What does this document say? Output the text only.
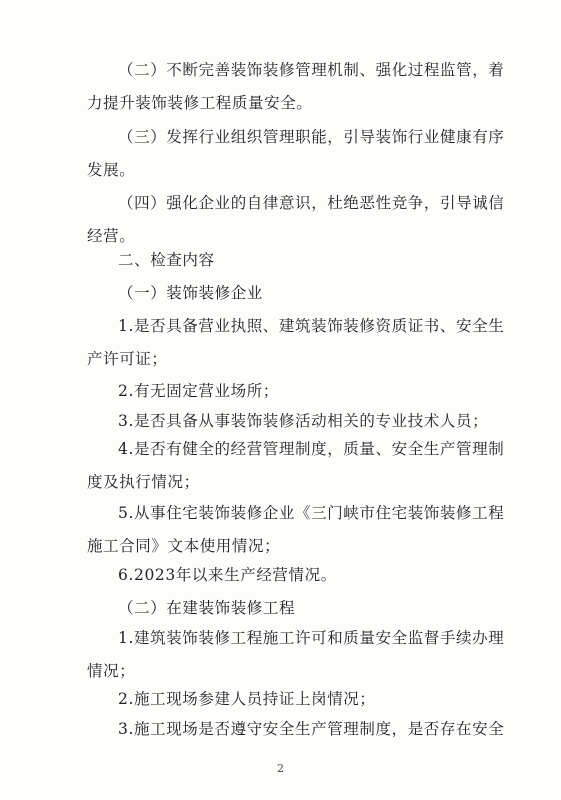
（二）不断完善装饰装修管理机制、强化过程监管，着力提升装饰装修工程质量安全。
（三）发挥行业组织管理职能，引导装饰行业健康有序发展。
（四）强化企业的自律意识，杜绝恶性竞争，引导诚信经营。
二、检查内容
（一）装饰装修企业
1.是否具备营业执照、建筑装饰装修资质证书、安全生产许可证；
2.有无固定营业场所；
3.是否具备从事装饰装修活动相关的专业技术人员；
4.是否有健全的经营管理制度，质量、安全生产管理制度及执行情况；
5.从事住宅装饰装修企业《三门峡市住宅装饰装修工程施工合同》文本使用情况；
6.2023年以来生产经营情况。
（二）在建装饰装修工程
1.建筑装饰装修工程施工许可和质量安全监督手续办理情况；
2.施工现场参建人员持证上岗情况；
3.施工现场是否遵守安全生产管理制度，是否存在安全
2
